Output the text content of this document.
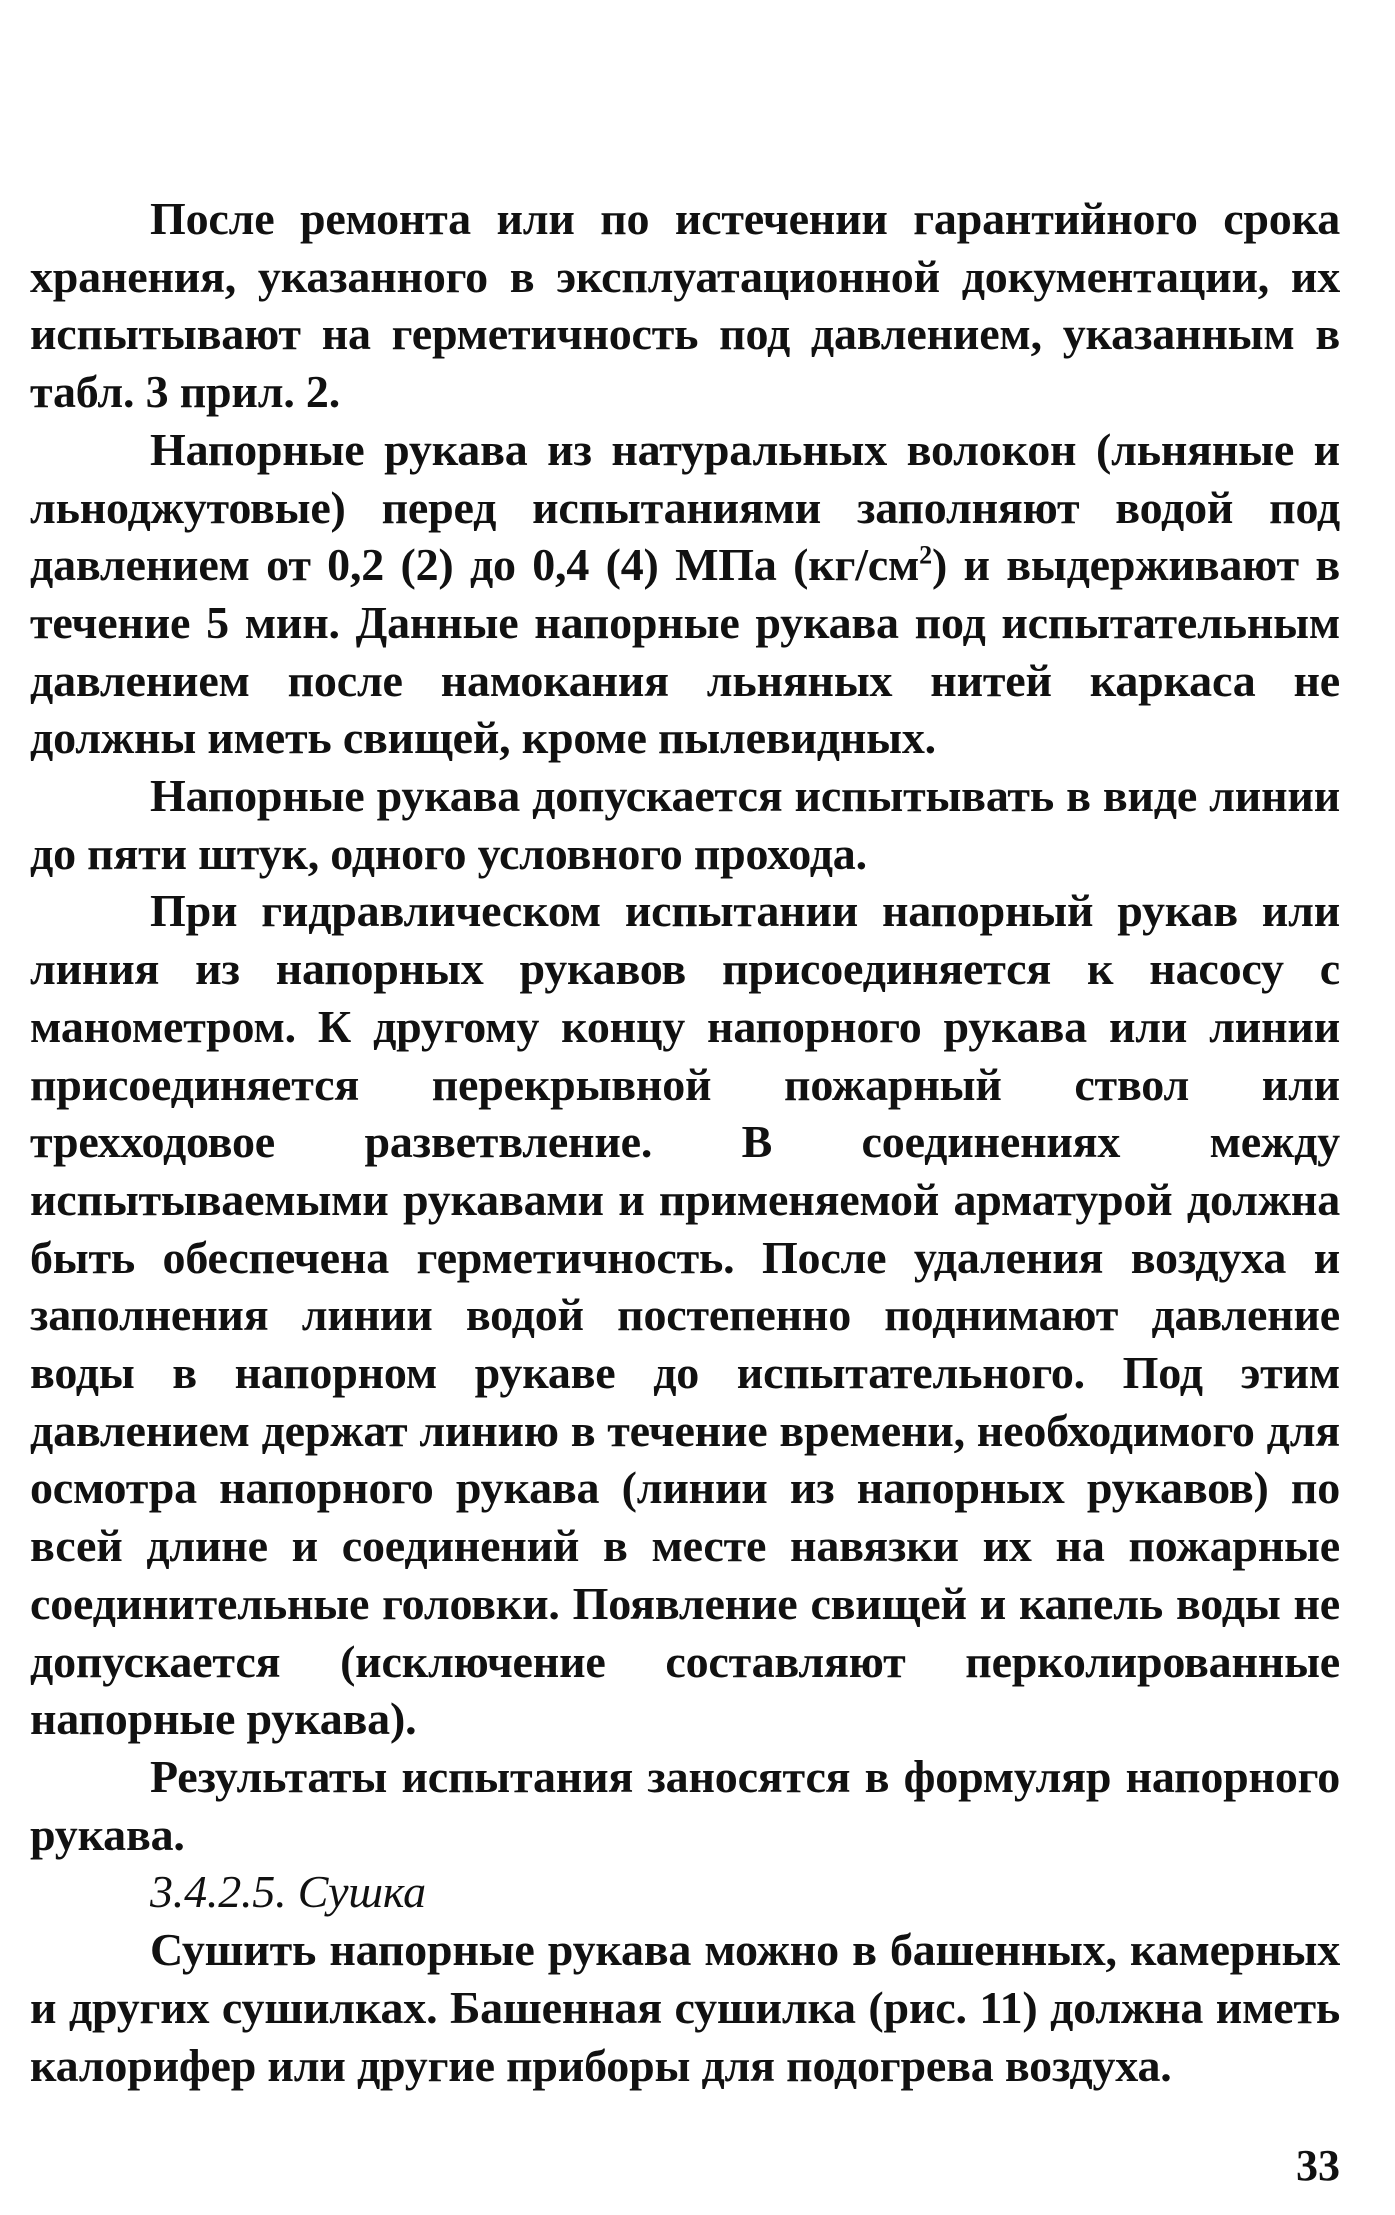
После ремонта или по истечении гарантийного срока хранения, указанного в эксплуатационной документации, их испытывают на герметичность под давлением, указанным в табл. 3 прил. 2.

Напорные рукава из натуральных волокон (льняные и льноджутовые) перед испытаниями заполняют водой под давлением от 0,2 (2) до 0,4 (4) МПа $(кг/см^2)$ и выдерживают в течение 5 мин. Данные напорные рукава под испытательным давлением после намокания льняных нитей каркаса не должны иметь свищей, кроме пылевидных.

Напорные рукава допускается испытывать в виде линии до пяти штук, одного условного прохода.

При гидравлическом испытании напорный рукав или линия из напорных рукавов присоединяется к насосу с манометром. К другому концу напорного рукава или линии присоединяется перекрывной пожарный ствол или трехходовое разветвление. В соединениях между испытываемыми рукавами и применяемой арматурой должна быть обеспечена герметичность. После удаления воздуха и заполнения линии водой постепенно поднимают давление воды в напорном рукаве до испытательного. Под этим давлением держат линию в течение времени, необходимого для осмотра напорного рукава (линии из напорных рукавов) по всей длине и соединений в месте навязки их на пожарные соединительные головки. Появление свищей и капель воды не допускается (исключение составляют перколированные напорные рукава).

Результаты испытания заносятся в формуляр напорного рукава.

3.4.2.5. Сушка

Сушить напорные рукава можно в башенных, камерных и других сушилках. Башенная сушилка (рис. 11) должна иметь калорифер или другие приборы для подогрева воздуха.

33
